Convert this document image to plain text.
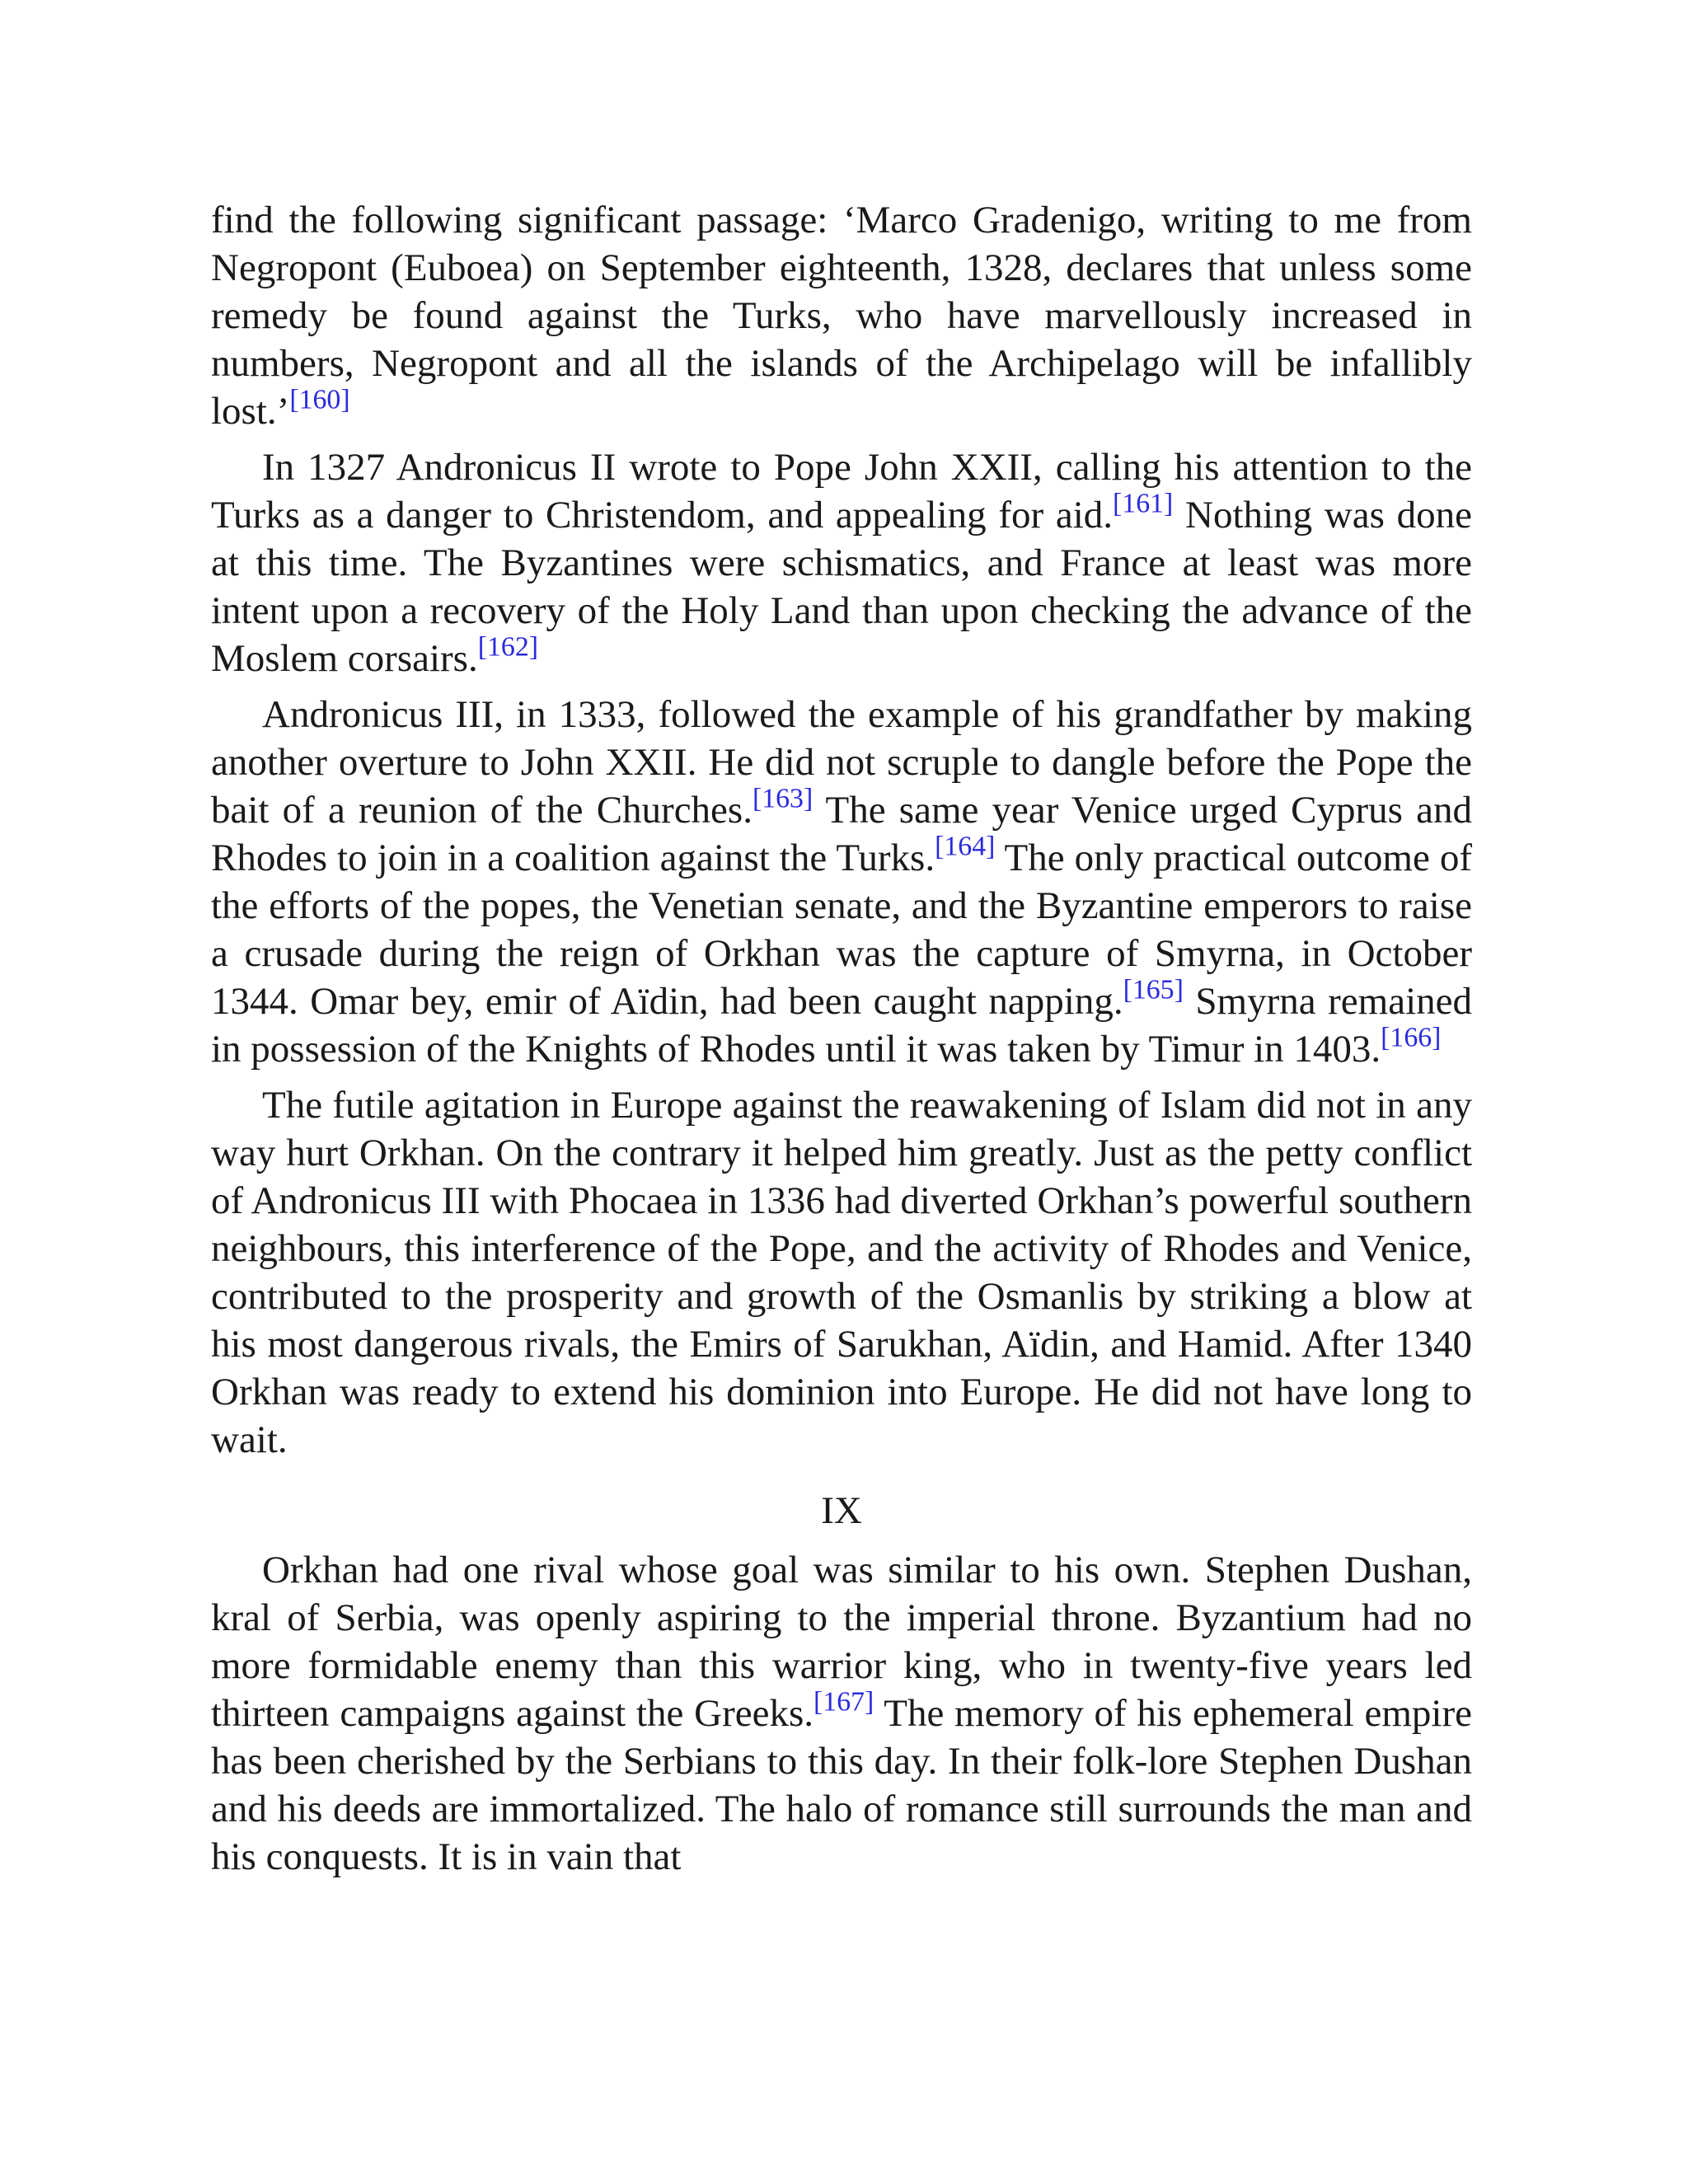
find the following significant passage: ‘Marco Gradenigo, writing to me from Negropont (Euboea) on September eighteenth, 1328, declares that unless some remedy be found against the Turks, who have marvellously increased in numbers, Negropont and all the islands of the Archipelago will be infallibly lost.’[160]

In 1327 Andronicus II wrote to Pope John XXII, calling his attention to the Turks as a danger to Christendom, and appealing for aid.[161] Nothing was done at this time. The Byzantines were schismatics, and France at least was more intent upon a recovery of the Holy Land than upon checking the advance of the Moslem corsairs.[162]

Andronicus III, in 1333, followed the example of his grandfather by making another overture to John XXII. He did not scruple to dangle before the Pope the bait of a reunion of the Churches.[163] The same year Venice urged Cyprus and Rhodes to join in a coalition against the Turks.[164] The only practical outcome of the efforts of the popes, the Venetian senate, and the Byzantine emperors to raise a crusade during the reign of Orkhan was the capture of Smyrna, in October 1344. Omar bey, emir of Aïdin, had been caught napping.[165] Smyrna remained in possession of the Knights of Rhodes until it was taken by Timur in 1403.[166]

The futile agitation in Europe against the reawakening of Islam did not in any way hurt Orkhan. On the contrary it helped him greatly. Just as the petty conflict of Andronicus III with Phocaea in 1336 had diverted Orkhan’s powerful southern neighbours, this interference of the Pope, and the activity of Rhodes and Venice, contributed to the prosperity and growth of the Osmanlis by striking a blow at his most dangerous rivals, the Emirs of Sarukhan, Aïdin, and Hamid. After 1340 Orkhan was ready to extend his dominion into Europe. He did not have long to wait.

IX

Orkhan had one rival whose goal was similar to his own. Stephen Dushan, kral of Serbia, was openly aspiring to the imperial throne. Byzantium had no more formidable enemy than this warrior king, who in twenty-five years led thirteen campaigns against the Greeks.[167] The memory of his ephemeral empire has been cherished by the Serbians to this day. In their folk-lore Stephen Dushan and his deeds are immortalized. The halo of romance still surrounds the man and his conquests. It is in vain that
